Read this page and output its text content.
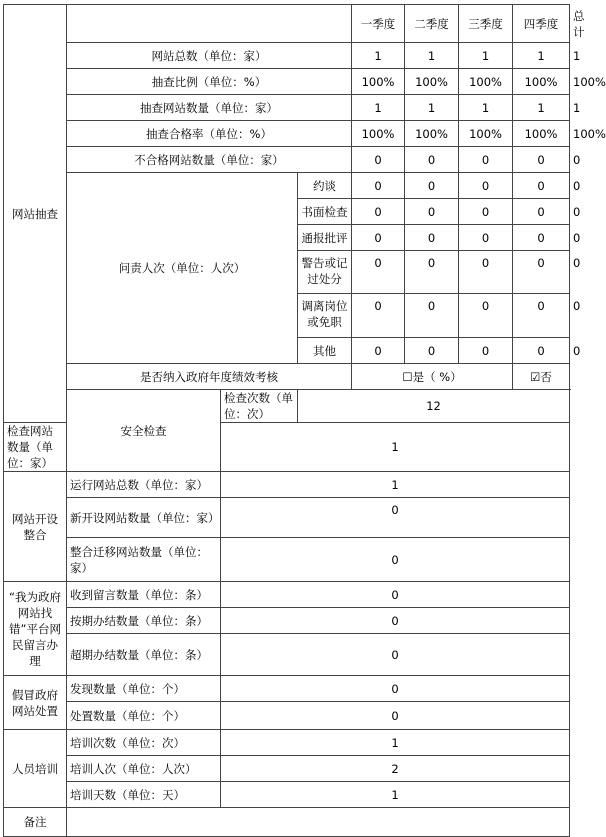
网站抽查				一季度	二季度	三季度	四季度	总计
	网站总数（单位：家）			1	1	1	1	1
	抽查比例（单位：%）			100%	100%	100%	100%	100%
	抽查网站数量（单位：家）			1	1	1	1	1
	抽查合格率（单位：%）			100%	100%	100%	100%	100%
	不合格网站数量（单位：家）			0	0	0	0	0
	问责人次（单位：人次）		约谈	0	0	0	0	0
			书面检查	0	0	0	0	0
			通报批评	0	0	0	0	0
			警告或记过处分	0	0	0	0	0
			调离岗位或免职	0	0	0	0	0
			其他	0	0	0	0	0
	是否纳入政府年度绩效考核			☐是（ %）			☑否	
	安全检查	检查次数（单位：次）	12					
检查网站数量（单位：家）		1						
网站开设整合	运行网站总数（单位：家）	1						
	新开设网站数量（单位：家）	0						
	整合迁移网站数量（单位：家）	0						
“我为政府网站找错”平台网民留言办理	收到留言数量（单位：条）	0						
	按期办结数量（单位：条）	0						
	超期办结数量（单位：条）	0						
假冒政府网站处置	发现数量（单位：个）	0						
	处置数量（单位：个）	0						
人员培训	培训次数（单位：次）	1						
	培训人次（单位：人次）	2						
	培训天数（单位：天）	1						
备注								
